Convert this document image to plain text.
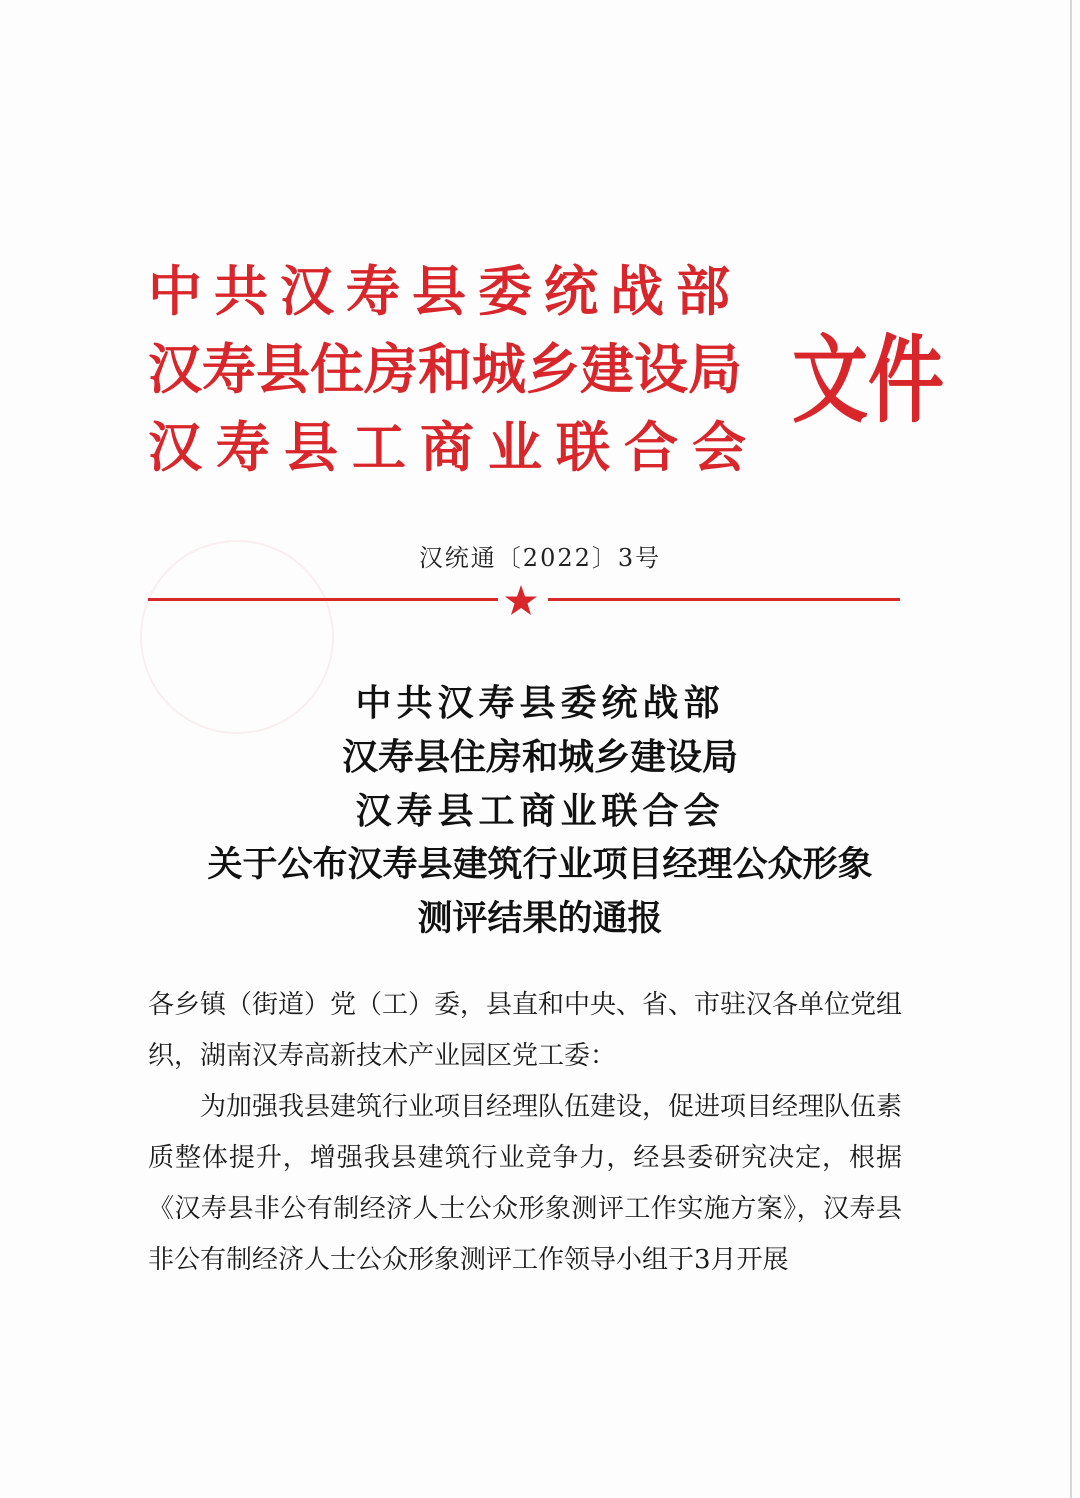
中共汉寿县委统战部
汉寿县住房和城乡建设局
汉寿县工商业联合会
文件
汉统通〔2022〕3号
中共汉寿县委统战部
汉寿县住房和城乡建设局
汉寿县工商业联合会
关于公布汉寿县建筑行业项目经理公众形象
测评结果的通报

各乡镇（街道）党（工）委，县直和中央、省、市驻汉各单位党组织，湖南汉寿高新技术产业园区党工委：

为加强我县建筑行业项目经理队伍建设，促进项目经理队伍素质整体提升，增强我县建筑行业竞争力，经县委研究决定，根据《汉寿县非公有制经济人士公众形象测评工作实施方案》，汉寿县非公有制经济人士公众形象测评工作领导小组于3月开展
